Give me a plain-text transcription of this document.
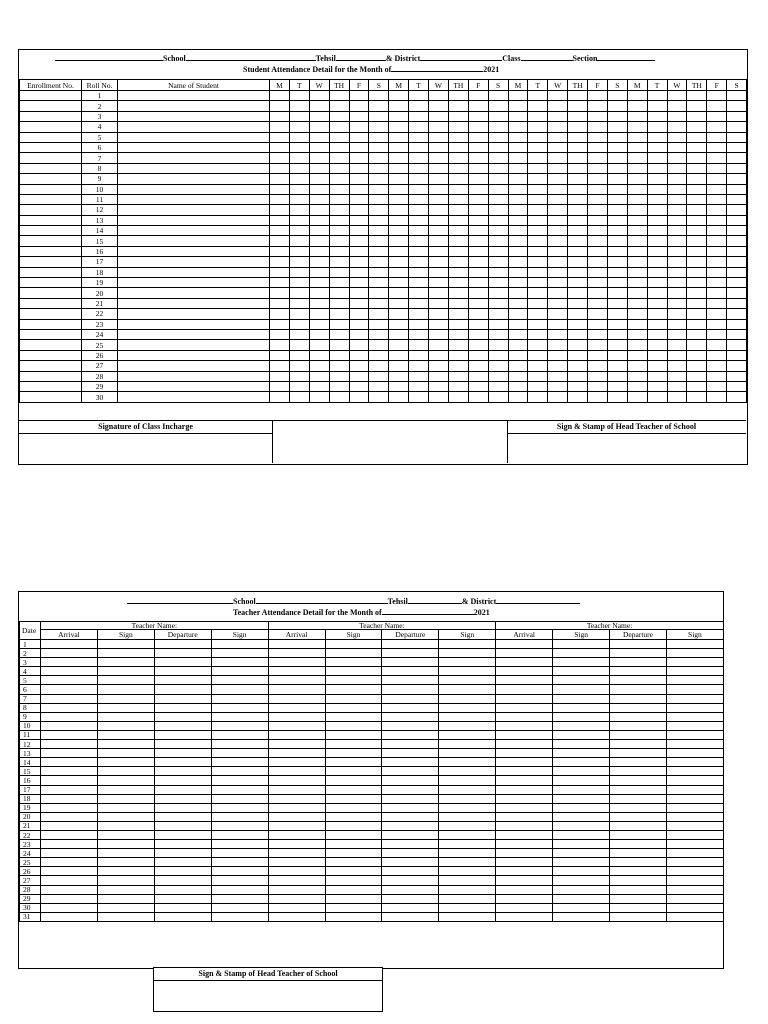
School	Tehsil	& District	Class	Section
Student Attendance Detail for the Month of	2021
Enrollment No.	Roll No.	Name of Student	M	T	W	TH	F	S	M	T	W	TH	F	S	M	T	W	TH	F	S	M	T	W	TH	F	S
	1																									
	2																									
	3																									
	4																									
	5																									
	6																									
	7																									
	8																									
	9																									
	10																									
	11																									
	12																									
	13																									
	14																									
	15																									
	16																									
	17																									
	18																									
	19																									
	20																									
	21																									
	22																									
	23																									
	24																									
	25																									
	26																									
	27																									
	28																									
	29																									
	30																									

Signature of Class Incharge	Sign & Stamp of Head Teacher of School
School	Tehsil	& District
Teacher Attendance Detail for the Month of	2021
Date	Teacher Name:				Teacher Name:				Teacher Name:			
	Arrival	Sign	Departure	Sign	Arrival	Sign	Departure	Sign	Arrival	Sign	Departure	Sign
1												
2												
3												
4												
5												
6												
7												
8												
9												
10												
11												
12												
13												
14												
15												
16												
17												
18												
19												
20												
21												
22												
23												
24												
25												
26												
27												
28												
29												
30												
31												
Sign & Stamp of Head Teacher of School
